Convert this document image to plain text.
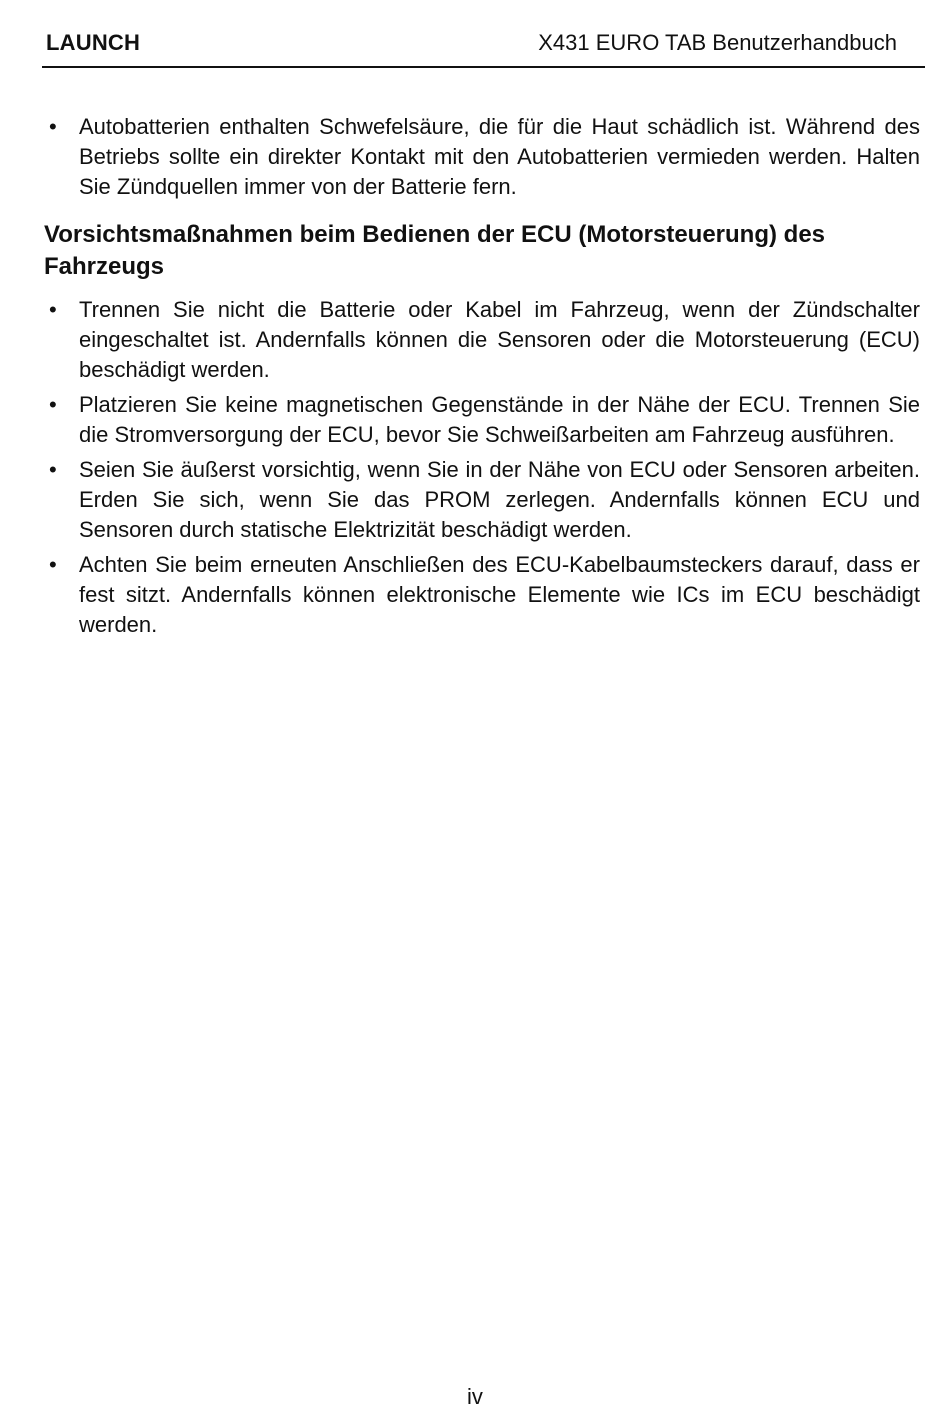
LAUNCH	X431 EURO TAB Benutzerhandbuch
•	Autobatterien enthalten Schwefelsäure, die für die Haut schädlich ist. Während des Betriebs sollte ein direkter Kontakt mit den Autobatterien vermieden werden. Halten Sie Zündquellen immer von der Batterie fern.
Vorsichtsmaßnahmen beim Bedienen der ECU (Motorsteuerung) des Fahrzeugs
•	Trennen Sie nicht die Batterie oder Kabel im Fahrzeug, wenn der Zündschalter eingeschaltet ist. Andernfalls können die Sensoren oder die Motorsteuerung (ECU) beschädigt werden.
•	Platzieren Sie keine magnetischen Gegenstände in der Nähe der ECU. Trennen Sie die Stromversorgung der ECU, bevor Sie Schweißarbeiten am Fahrzeug ausführen.
•	Seien Sie äußerst vorsichtig, wenn Sie in der Nähe von ECU oder Sensoren arbeiten. Erden Sie sich, wenn Sie das PROM zerlegen. Andernfalls können ECU und Sensoren durch statische Elektrizität beschädigt werden.
•	Achten Sie beim erneuten Anschließen des ECU-Kabelbaumsteckers darauf, dass er fest sitzt. Andernfalls können elektronische Elemente wie ICs im ECU beschädigt werden.
iv
